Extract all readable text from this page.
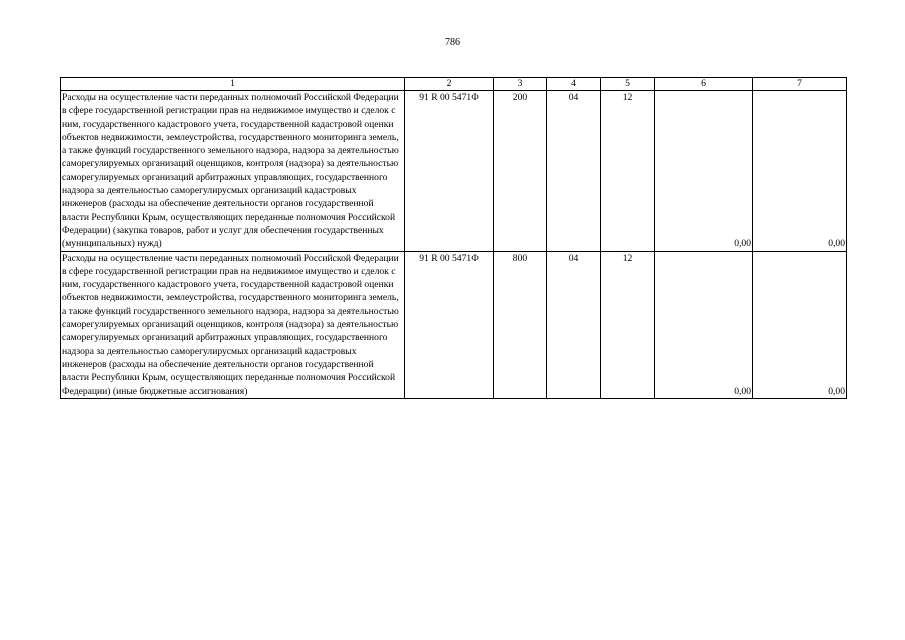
786
1	2	3	4	5	6	7
Расходы на осуществление части переданных полномочий Российской Федерации в сфере государственной регистрации прав на недвижимое имущество и сделок с ним, государственного кадастрового учета, государственной кадастровой оценки объектов недвижимости, землеустройства, государственного мониторинга земель, а также функций государственного земельного надзора, надзора за деятельностью саморегулируемых организаций оценщиков, контроля (надзора) за деятельностью саморегулируемых организаций арбитражных управляющих, государственного надзора за деятельностью саморегулирусмых организаций кадастровых инженеров (расходы на обеспечение деятельности органов государственной власти Республики Крым, осуществляющих переданные полномочия Российской Федерации) (закупка товаров, работ и услуг для обеспечения государственных (муниципальных) нужд)	91 R 00 5471Ф	200	04	12	0,00	0,00
Расходы на осуществление части переданных полномочий Российской Федерации в сфере государственной регистрации прав на недвижимое имущество и сделок с ним, государственного кадастрового учета, государственной кадастровой оценки объектов недвижимости, землеустройства, государственного мониторинга земель, а также функций государственного земельного надзора, надзора за деятельностью саморегулируемых организаций оценщиков, контроля (надзора) за деятельностью саморегулируемых организаций арбитражных управляющих, государственного надзора за деятельностью саморегулирусмых организаций кадастровых инженеров (расходы на обеспечение деятельности органов государственной власти Республики Крым, осуществляющих переданные полномочия Российской Федерации) (иные бюджетные ассигнования)	91 R 00 5471Ф	800	04	12	0,00	0,00
